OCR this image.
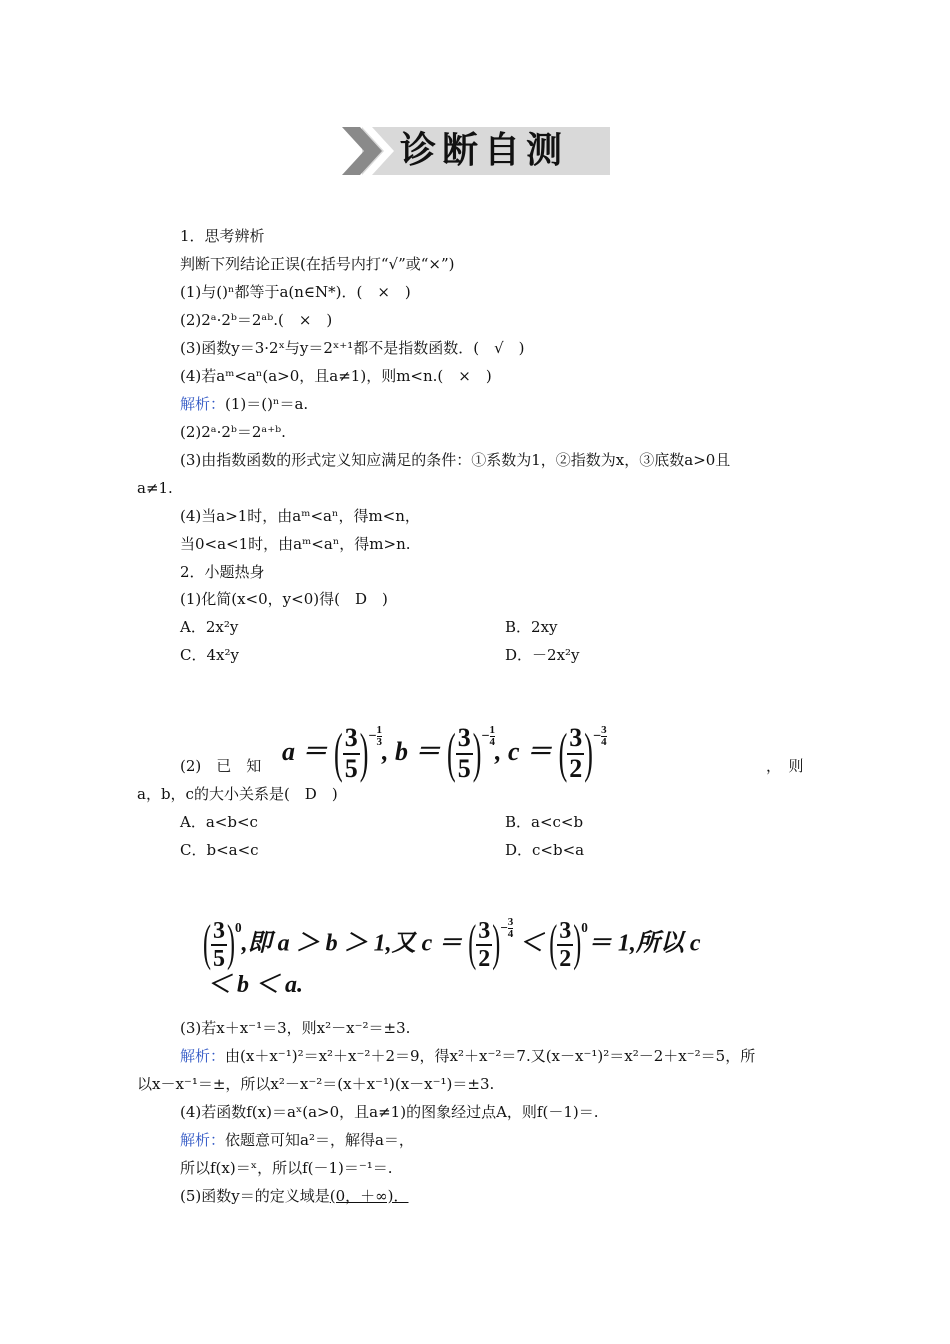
诊断自测
1．思考辨析
判断下列结论正误(在括号内打“√”或“×”)
(1)与()ⁿ都等于a(n∈N*)．(　×　)
(2)2ᵃ·2ᵇ＝2ᵃᵇ.(　×　)
(3)函数y＝3·2ˣ与y＝2ˣ⁺¹都不是指数函数．(　√　)
(4)若aᵐ<aⁿ(a>0，且a≠1)，则m<n.(　×　)
解析：(1)＝()ⁿ＝a.
(2)2ᵃ·2ᵇ＝2ᵃ⁺ᵇ.
(3)由指数函数的形式定义知应满足的条件：①系数为1，②指数为x，③底数a>0且
a≠1.
(4)当a>1时，由aᵐ<aⁿ，得m<n，
当0<a<1时，由aᵐ<aⁿ，得m>n.
2．小题热身
(1)化简(x<0，y<0)得(　D　)
A．2x²y	B．2xy
C．4x²y	D．－2x²y
a ＝ ( $\frac{3}{5} )^{- \frac{1}{3}}$
, b ＝ ( $\frac{3}{5} )^{- \frac{1}{4}}$
, c ＝ ( $\frac{3}{2} )^{- \frac{3}{4}}$
(2)　已　知	，　则
a，b，c的大小关系是(　D　)
A．a<b<c	B．a<c<b
C．b<a<c	D．c<b<a
( $\frac{3}{5} )^0$,即 a ＞ b ＞ 1,又 c ＝ ( $\frac{3}{2} )^{- \frac{3}{4}}$
＜ ( $\frac{3}{2} )^0= 1$,所以 c
＜ b ＜ a.
(3)若x＋x⁻¹＝3，则x²－x⁻²＝±3.
解析：由(x＋x⁻¹)²＝x²＋x⁻²＋2＝9，得x²＋x⁻²＝7.又(x－x⁻¹)²＝x²－2＋x⁻²＝5，所
以x－x⁻¹＝±，所以x²－x⁻²＝(x＋x⁻¹)(x－x⁻¹)＝±3.
(4)若函数f(x)＝aˣ(a>0，且a≠1)的图象经过点A，则f(－1)＝.
解析：依题意可知a²＝，解得a＝，
所以f(x)＝ˣ，所以f(－1)＝⁻¹＝.
(5)函数y＝的定义域是(0，＋∞)．
